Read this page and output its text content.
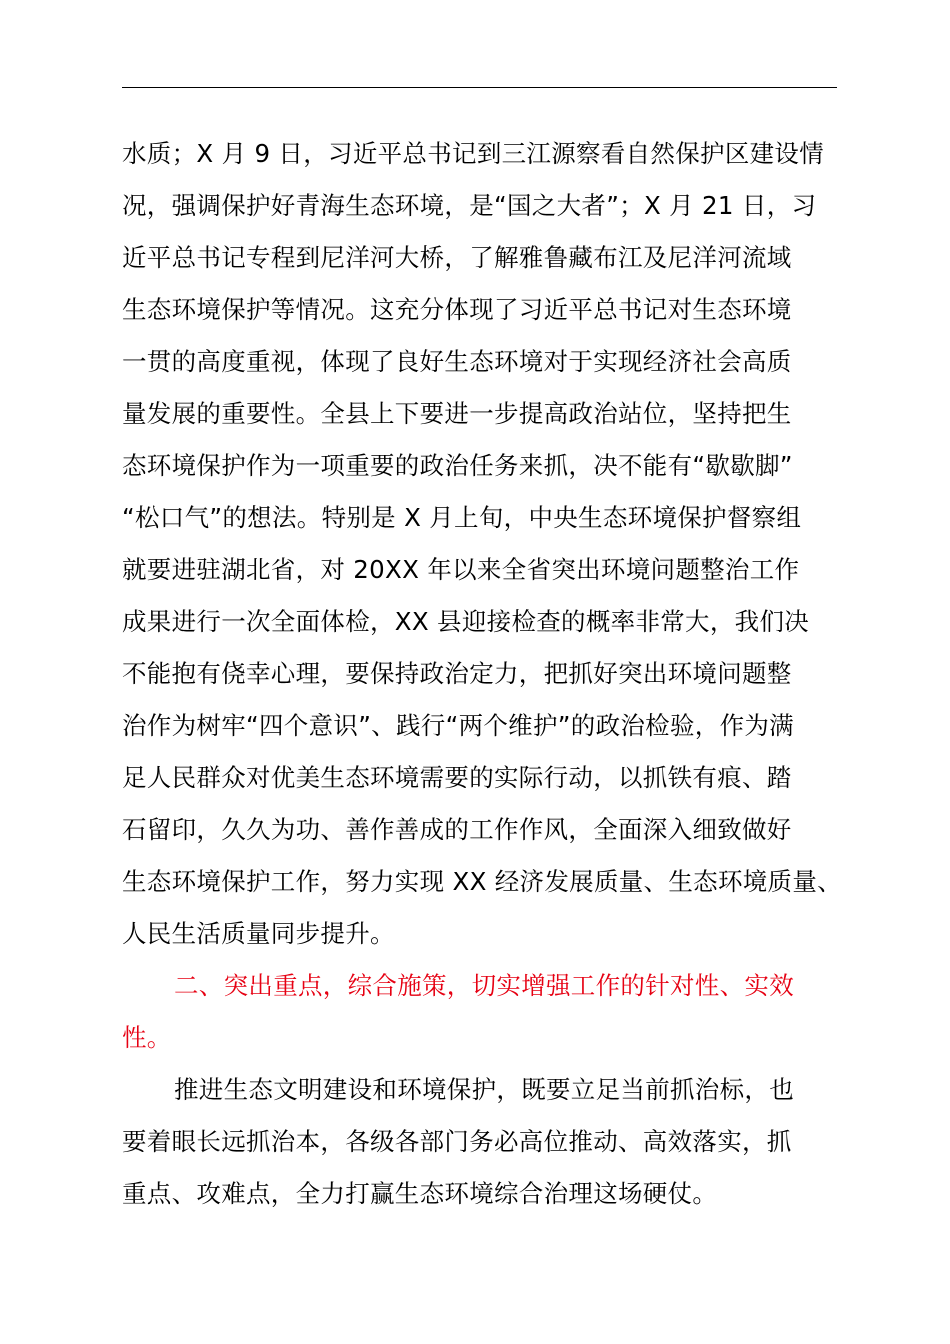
水质；X 月 9 日，习近平总书记到三江源察看自然保护区建设情
况，强调保护好青海生态环境，是“国之大者”；X 月 21 日，习
近平总书记专程到尼洋河大桥，了解雅鲁藏布江及尼洋河流域
生态环境保护等情况。这充分体现了习近平总书记对生态环境
一贯的高度重视，体现了良好生态环境对于实现经济社会高质
量发展的重要性。全县上下要进一步提高政治站位，坚持把生
态环境保护作为一项重要的政治任务来抓，决不能有“歇歇脚”
“松口气”的想法。特别是 X 月上旬，中央生态环境保护督察组
就要进驻湖北省，对 20XX 年以来全省突出环境问题整治工作
成果进行一次全面体检，XX 县迎接检查的概率非常大，我们决
不能抱有侥幸心理，要保持政治定力，把抓好突出环境问题整
治作为树牢“四个意识”、践行“两个维护”的政治检验，作为满
足人民群众对优美生态环境需要的实际行动，以抓铁有痕、踏
石留印，久久为功、善作善成的工作作风，全面深入细致做好
生态环境保护工作，努力实现 XX 经济发展质量、生态环境质量、
人民生活质量同步提升。
二、突出重点，综合施策，切实增强工作的针对性、实效
性。
推进生态文明建设和环境保护，既要立足当前抓治标，也
要着眼长远抓治本，各级各部门务必高位推动、高效落实，抓
重点、攻难点，全力打赢生态环境综合治理这场硬仗。
